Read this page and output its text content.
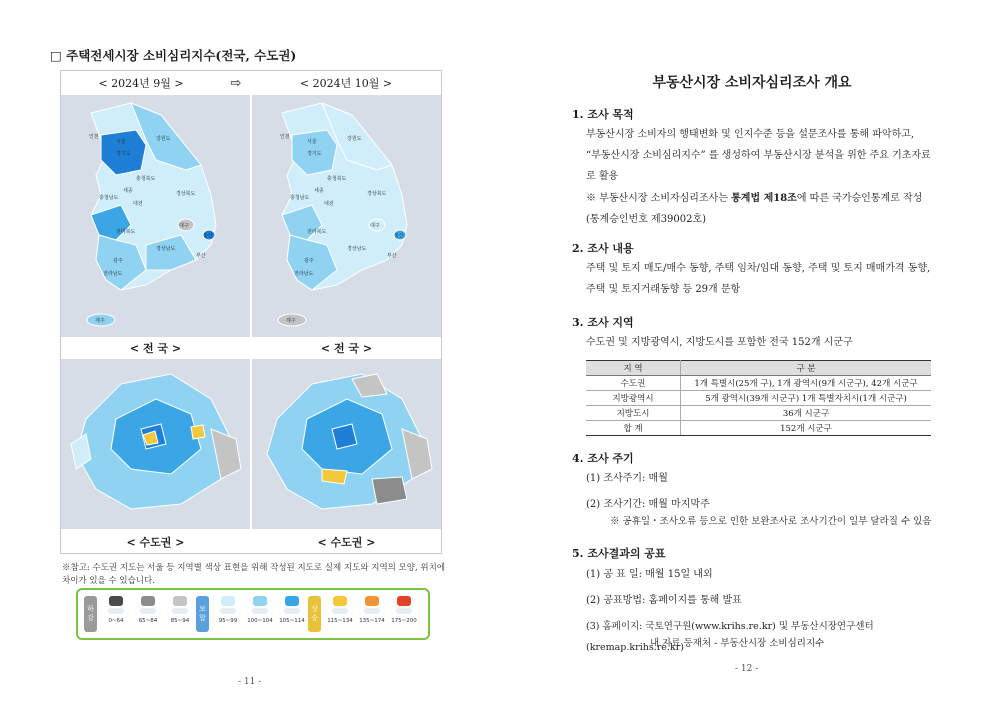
□ 주택전세시장 소비심리지수(전국, 수도권)
< 2024년 9월 >	⇨	< 2024년 10월 >
인천
서울
경기도
강원도
충청북도
세종
충청남도
대전
경상북도
대구
전라북도
울산
경상남도
광주
부산
전라남도
제주
인천
서울
경기도
강원도
충청북도
세종
충청남도
대전
경상북도
대구
전라북도
울산
경상남도
광주
부산
전라남도
제주
< 전 국 >	< 전 국 >
< 수도권 >	< 수도권 >
※참고: 수도권 지도는 서울 등 지역별 색상 표현을 위해 작성된 지도로 실제 지도와 지역의 모양, 위치에 차이가 있을 수 있습니다.
하
강	0~64	65~84 85~94
보
합 95~99 100~104 105~114
상
승 115~134 135~174 175~200
- 11 -
부동산시장 소비자심리조사 개요
1. 조사 목적
부동산시장 소비자의 행태변화 및 인지수준 등을 설문조사를 통해 파악하고, “부동산시장 소비심리지수” 를 생성하여 부동산시장 분석을 위한 주요 기초자료로 활용
※ 부동산시장 소비자심리조사는 통계법 제18조에 따른 국가승인통계로 작성 (통계승인번호 제39002호)
2. 조사 내용
주택 및 토지 매도/매수 동향, 주택 임차/임대 동향, 주택 및 토지 매매가격 동향, 주택 및 토지거래동향 등 29개 문항
3. 조사 지역
수도권 및 지방광역시, 지방도시를 포함한 전국 152개 시군구
지 역	구 분
수도권	1개 특별시(25개 구), 1개 광역시(9개 시군구), 42개 시군구
지방광역시	5개 광역시(39개 시군구) 1개 특별자치시(1개 시군구)
지방도시	36개 시군구
합 계	152개 시군구
4. 조사 주기
(1) 조사주기: 매월
(2) 조사기간: 매월 마지막주
※ 공휴일・조사오류 등으로 인한 보완조사로 조사기간이 일부 달라질 수 있음
5. 조사결과의 공표
(1) 공 표 일: 매월 15일 내외
(2) 공표방법: 홈페이지를 통해 발표
(3) 홈페이지: 국토연구원(www.krihs.re.kr) 및 부동산시장연구센터(kremap.krihs.re.kr)
내 자료 등재처 - 부동산시장 소비심리지수
- 12 -
